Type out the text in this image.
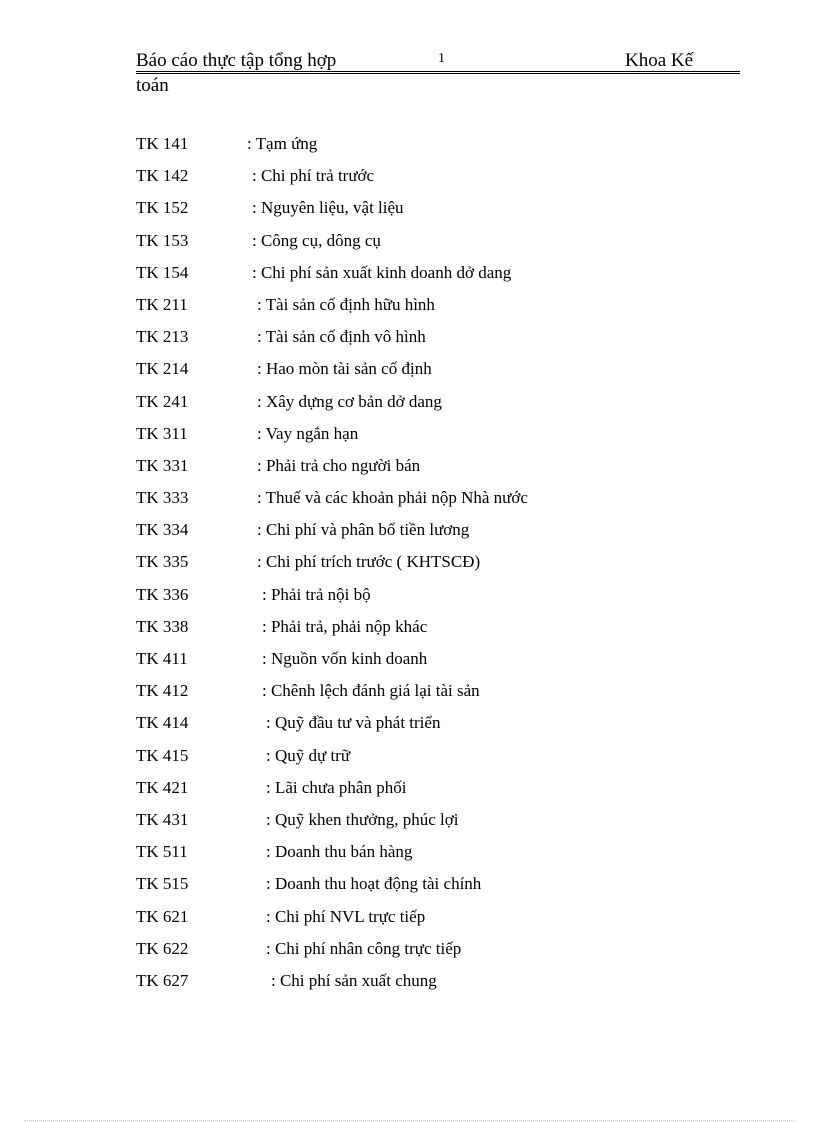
Báo cáo thực tập tổng hợp	1	Khoa Kế
toán
TK 141	: Tạm ứng
TK 142	: Chi phí trả trước
TK 152	: Nguyên liệu, vật liệu
TK 153	: Công cụ, dông cụ
TK 154	: Chi phí sản xuất kinh doanh dở dang
TK 211	: Tài sản cố định hữu hình
TK 213	: Tài sản cố định vô hình
TK 214	: Hao mòn tài sản cố định
TK 241	: Xây dựng cơ bản dở dang
TK 311	: Vay ngắn hạn
TK 331	: Phải trả cho người bán
TK 333	: Thuế và các khoản phải nộp Nhà nước
TK 334	: Chi phí và phân bổ tiền lương
TK 335	: Chi phí trích trước ( KHTSCĐ)
TK 336	: Phải trả nội bộ
TK 338	: Phải trả, phải nộp khác
TK 411	: Nguồn vốn kinh doanh
TK 412	: Chênh lệch đánh giá lại tài sản
TK 414	: Quỹ đầu tư và phát triển
TK 415	: Quỹ dự trữ
TK 421	: Lãi chưa phân phối
TK 431	: Quỹ khen thưởng, phúc lợi
TK 511	: Doanh thu bán hàng
TK 515	: Doanh thu hoạt động tài chính
TK 621	: Chi phí NVL trực tiếp
TK 622	: Chi phí nhân công trực tiếp
TK 627	: Chi phí sản xuất chung
